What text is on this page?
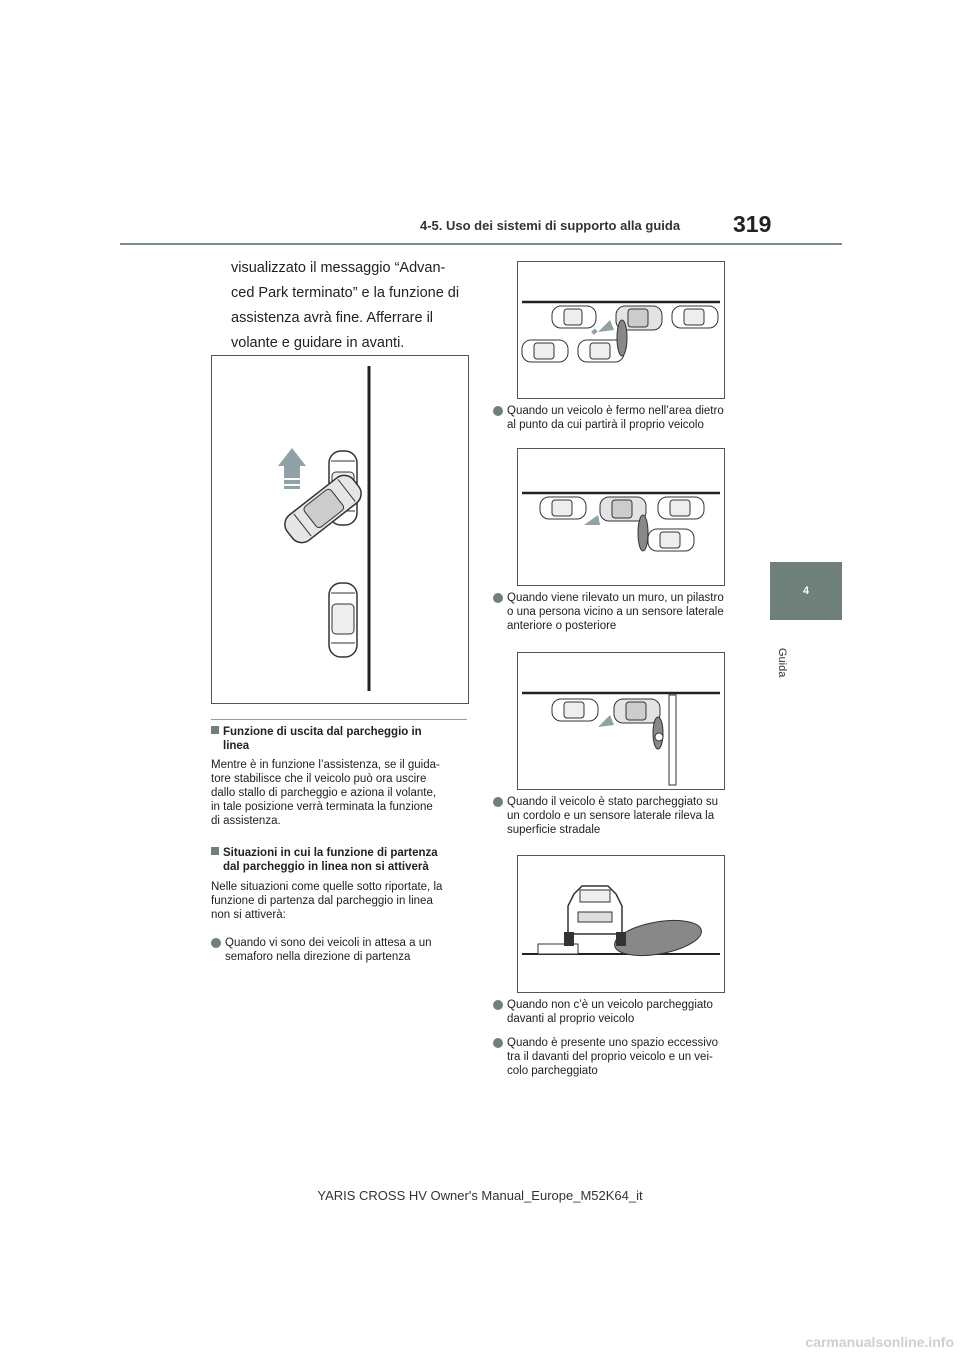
4-5. Uso dei sistemi di supporto alla guida 319
4
Guida
visualizzato il messaggio “Advan-
ced Park terminato” e la funzione di
assistenza avrà fine. Afferrare il
volante e guidare in avanti.
Funzione di uscita dal parcheggio in
linea
Mentre è in funzione l’assistenza, se il guida-
tore stabilisce che il veicolo può ora uscire
dallo stallo di parcheggio e aziona il volante,
in tale posizione verrà terminata la funzione
di assistenza.
Situazioni in cui la funzione di partenza
dal parcheggio in linea non si attiverà
Nelle situazioni come quelle sotto riportate, la
funzione di partenza dal parcheggio in linea
non si attiverà:
Quando vi sono dei veicoli in attesa a un
semaforo nella direzione di partenza
Quando un veicolo è fermo nell’area dietro
al punto da cui partirà il proprio veicolo
Quando viene rilevato un muro, un pilastro
o una persona vicino a un sensore laterale
anteriore o posteriore
Quando il veicolo è stato parcheggiato su
un cordolo e un sensore laterale rileva la
superficie stradale
Quando non c’è un veicolo parcheggiato
davanti al proprio veicolo
Quando è presente uno spazio eccessivo
tra il davanti del proprio veicolo e un vei-
colo parcheggiato
YARIS CROSS HV Owner's Manual_Europe_M52K64_it
carmanualsonline.info
